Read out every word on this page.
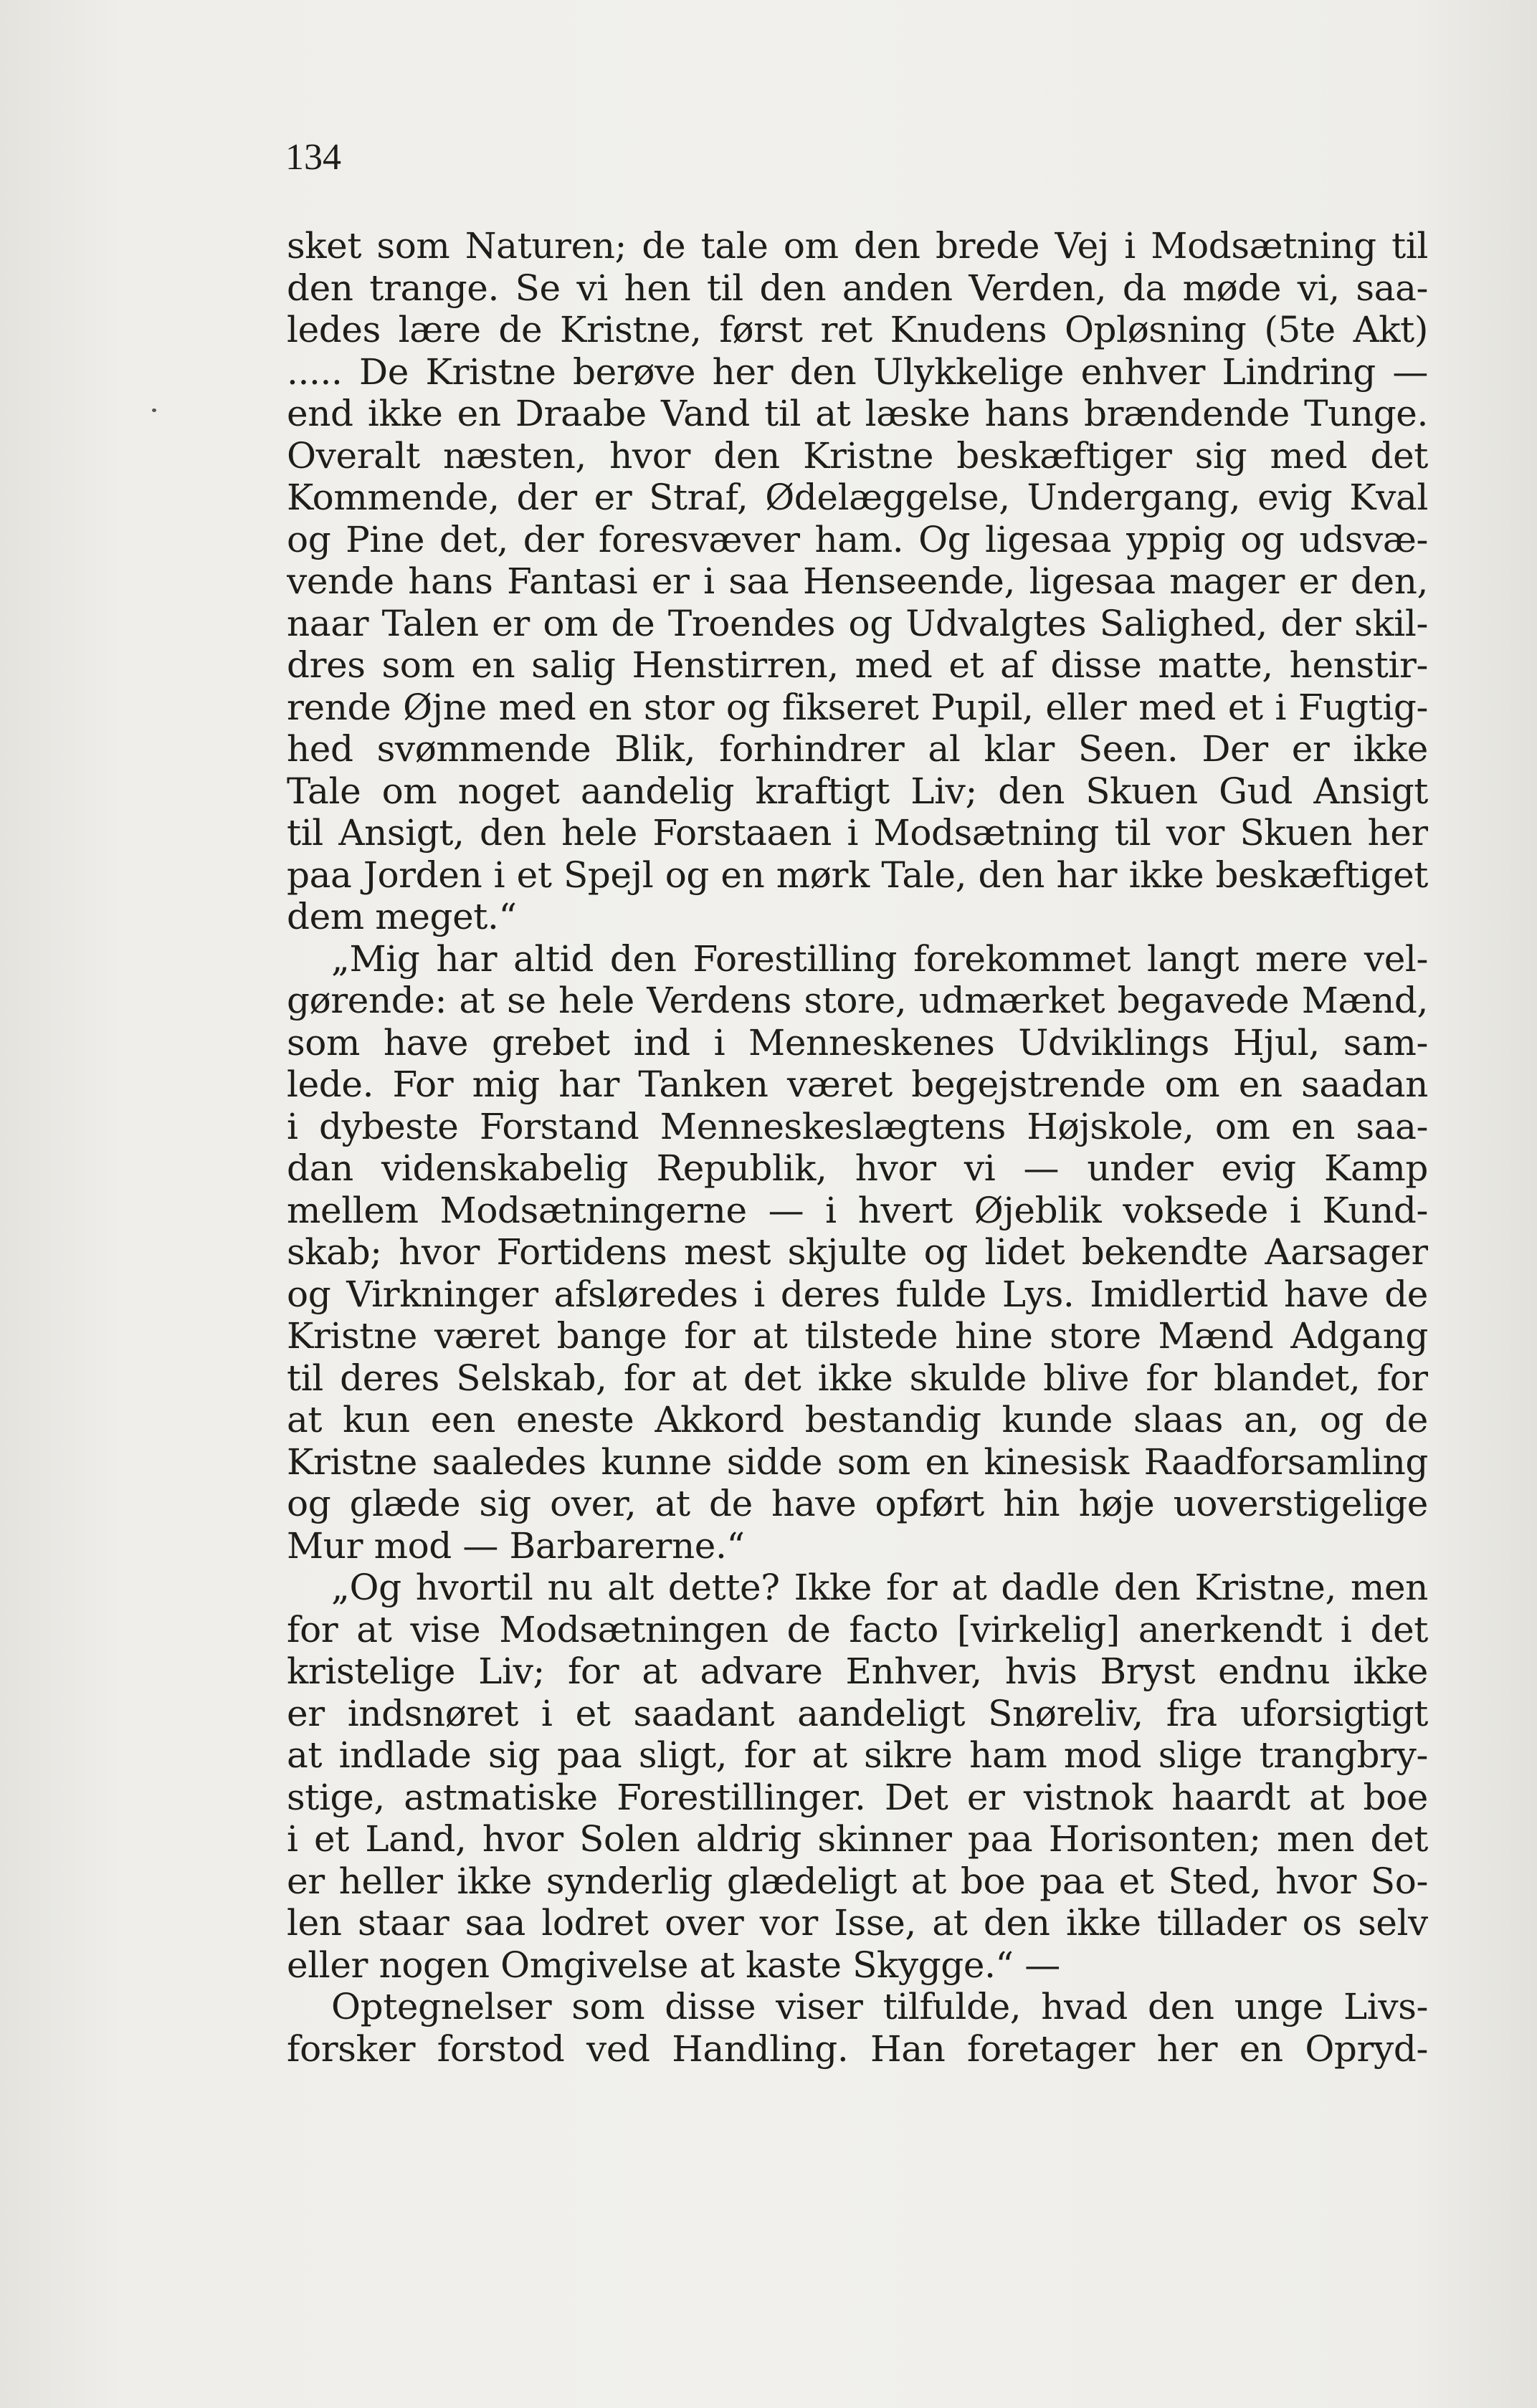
134
sket som Naturen; de tale om den brede Vej i Modsætning til
den trange. Se vi hen til den anden Verden, da møde vi, saa-
ledes lære de Kristne, først ret Knudens Opløsning (5te Akt)
..... De Kristne berøve her den Ulykkelige enhver Lindring —
end ikke en Draabe Vand til at læske hans brændende Tunge.
Overalt næsten, hvor den Kristne beskæftiger sig med det
Kommende, der er Straf, Ødelæggelse, Undergang, evig Kval
og Pine det, der foresvæver ham. Og ligesaa yppig og udsvæ-
vende hans Fantasi er i saa Henseende, ligesaa mager er den,
naar Talen er om de Troendes og Udvalgtes Salighed, der skil-
dres som en salig Henstirren, med et af disse matte, henstir-
rende Øjne med en stor og fikseret Pupil, eller med et i Fugtig-
hed svømmende Blik, forhindrer al klar Seen. Der er ikke
Tale om noget aandelig kraftigt Liv; den Skuen Gud Ansigt
til Ansigt, den hele Forstaaen i Modsætning til vor Skuen her
paa Jorden i et Spejl og en mørk Tale, den har ikke beskæftiget
dem meget.“
„Mig har altid den Forestilling forekommet langt mere vel-
gørende: at se hele Verdens store, udmærket begavede Mænd,
som have grebet ind i Menneskenes Udviklings Hjul, sam-
lede. For mig har Tanken været begejstrende om en saadan
i dybeste Forstand Menneskeslægtens Højskole, om en saa-
dan videnskabelig Republik, hvor vi — under evig Kamp
mellem Modsætningerne — i hvert Øjeblik voksede i Kund-
skab; hvor Fortidens mest skjulte og lidet bekendte Aarsager
og Virkninger afsløredes i deres fulde Lys. Imidlertid have de
Kristne været bange for at tilstede hine store Mænd Adgang
til deres Selskab, for at det ikke skulde blive for blandet, for
at kun een eneste Akkord bestandig kunde slaas an, og de
Kristne saaledes kunne sidde som en kinesisk Raadforsamling
og glæde sig over, at de have opført hin høje uoverstigelige
Mur mod — Barbarerne.“
„Og hvortil nu alt dette? Ikke for at dadle den Kristne, men
for at vise Modsætningen de facto [virkelig] anerkendt i det
kristelige Liv; for at advare Enhver, hvis Bryst endnu ikke
er indsnøret i et saadant aandeligt Snøreliv, fra uforsigtigt
at indlade sig paa sligt, for at sikre ham mod slige trangbry-
stige, astmatiske Forestillinger. Det er vistnok haardt at boe
i et Land, hvor Solen aldrig skinner paa Horisonten; men det
er heller ikke synderlig glædeligt at boe paa et Sted, hvor So-
len staar saa lodret over vor Isse, at den ikke tillader os selv
eller nogen Omgivelse at kaste Skygge.“ —
Optegnelser som disse viser tilfulde, hvad den unge Livs-
forsker forstod ved Handling. Han foretager her en Opryd-
